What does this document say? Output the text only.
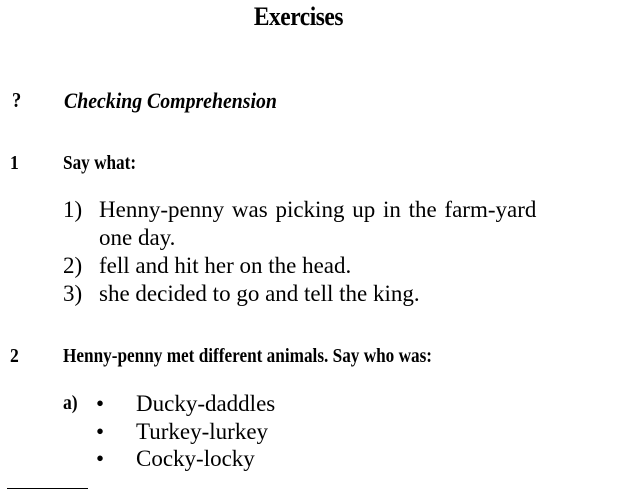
Exercises
? Checking Comprehension
1 Say what:
1) Henny-penny was picking up in the farm-yard
one day.
2) fell and hit her on the head.
3) she decided to go and tell the king.
2 Henny-penny met different animals. Say who was:
a) • Ducky-daddles
• Turkey-lurkey
• Cocky-locky
